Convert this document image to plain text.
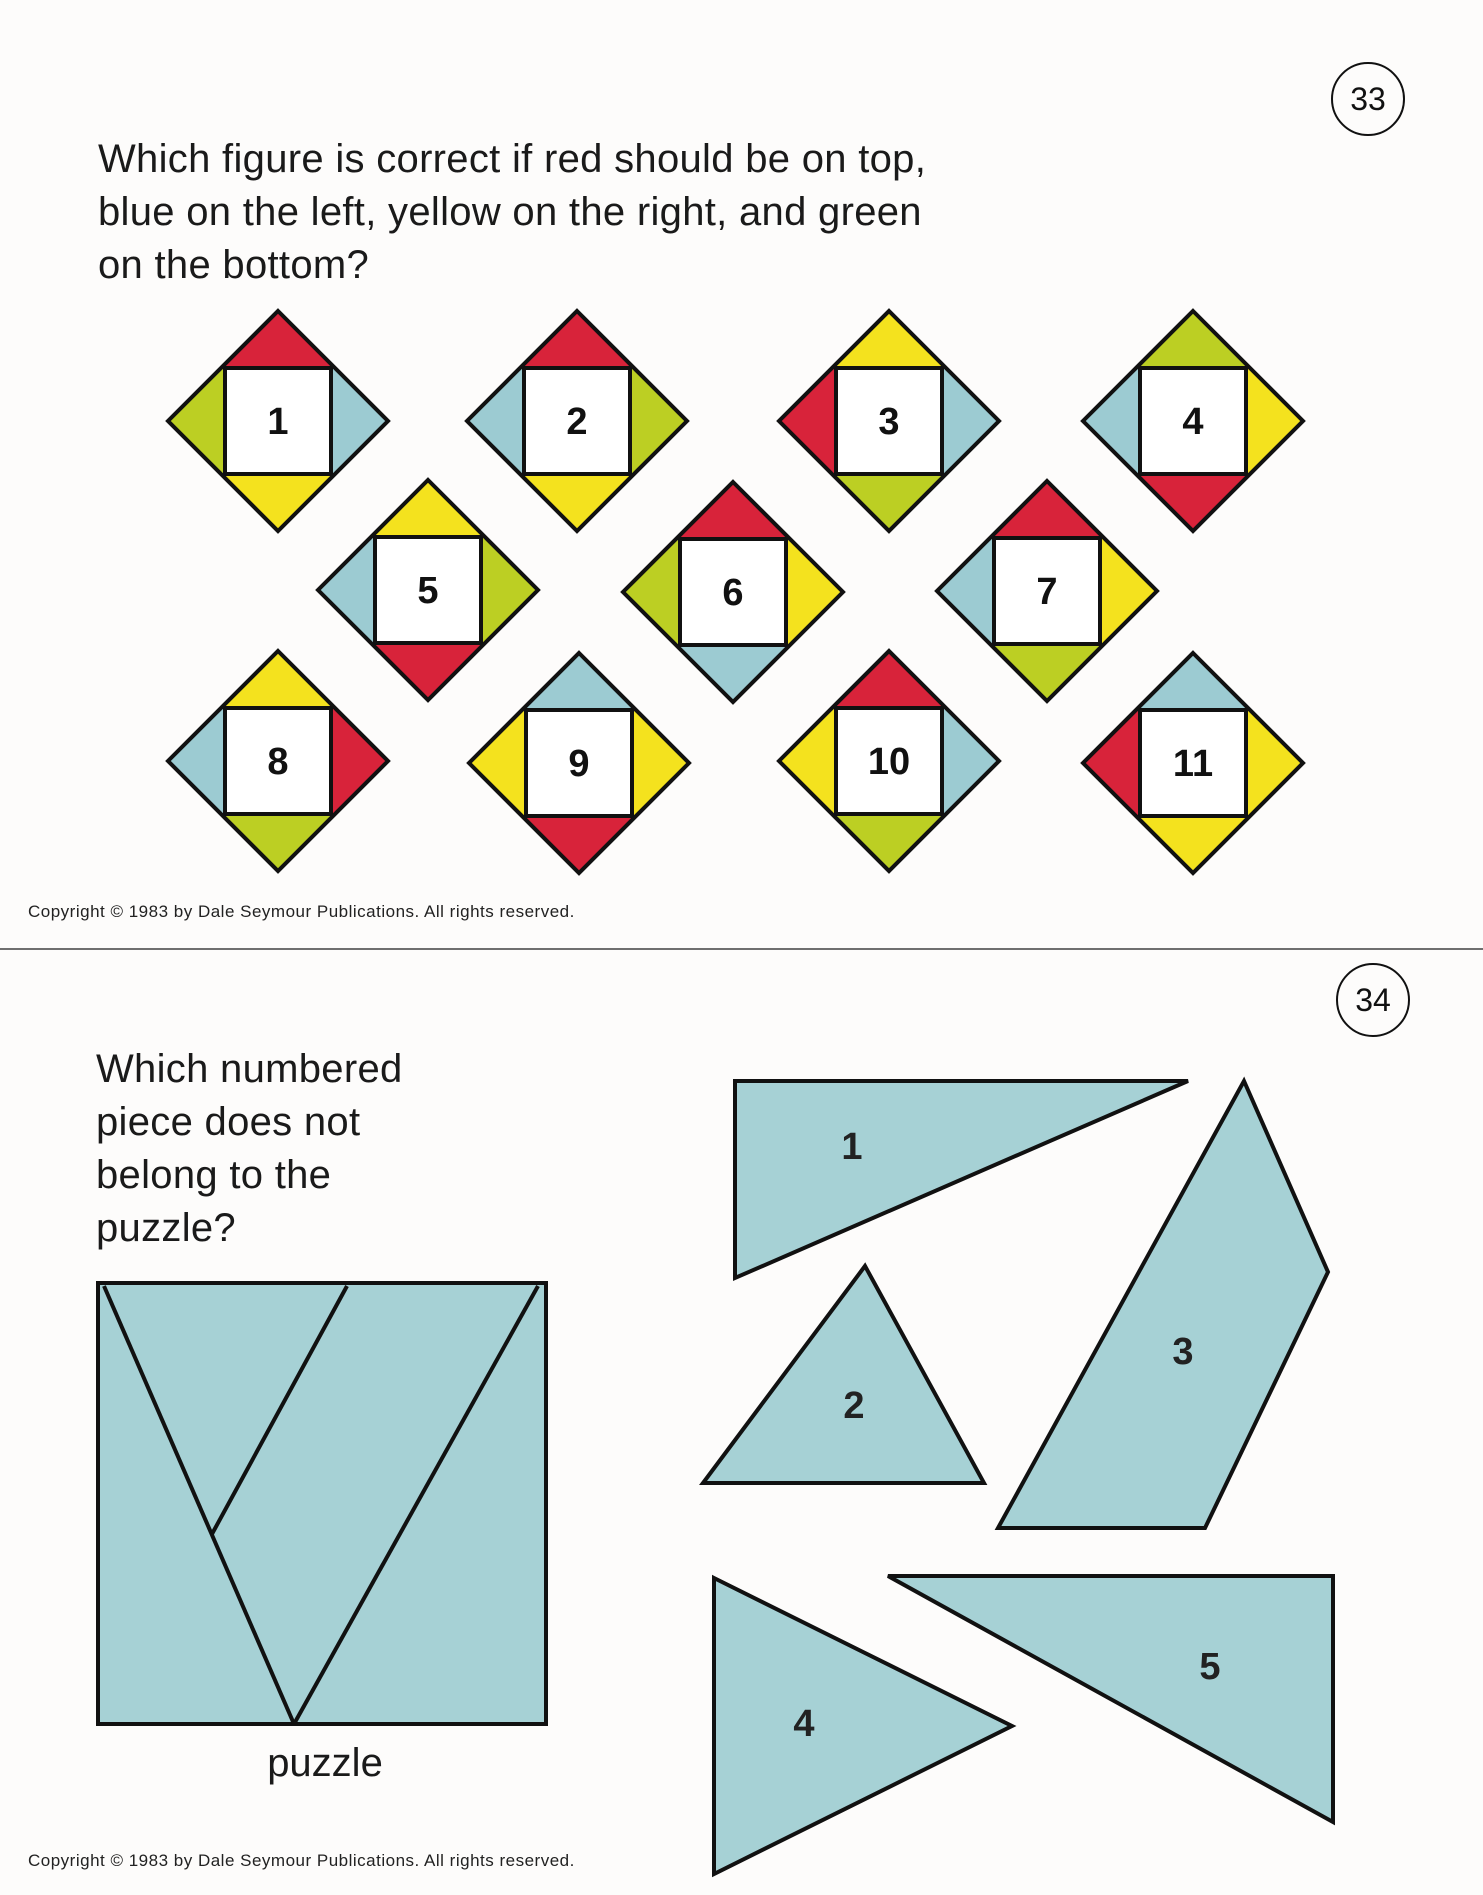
33

Which figure is correct if red should be on top,
blue on the left, yellow on the right, and green
on the bottom?

1	2	3	4
5	6	7
8	9	10	11
Copyright © 1983 by Dale Seymour Publications. All rights reserved.
34

Which numbered
piece does not
belong to the
puzzle?

puzzle
1
2
3
4
5
Copyright © 1983 by Dale Seymour Publications. All rights reserved.
